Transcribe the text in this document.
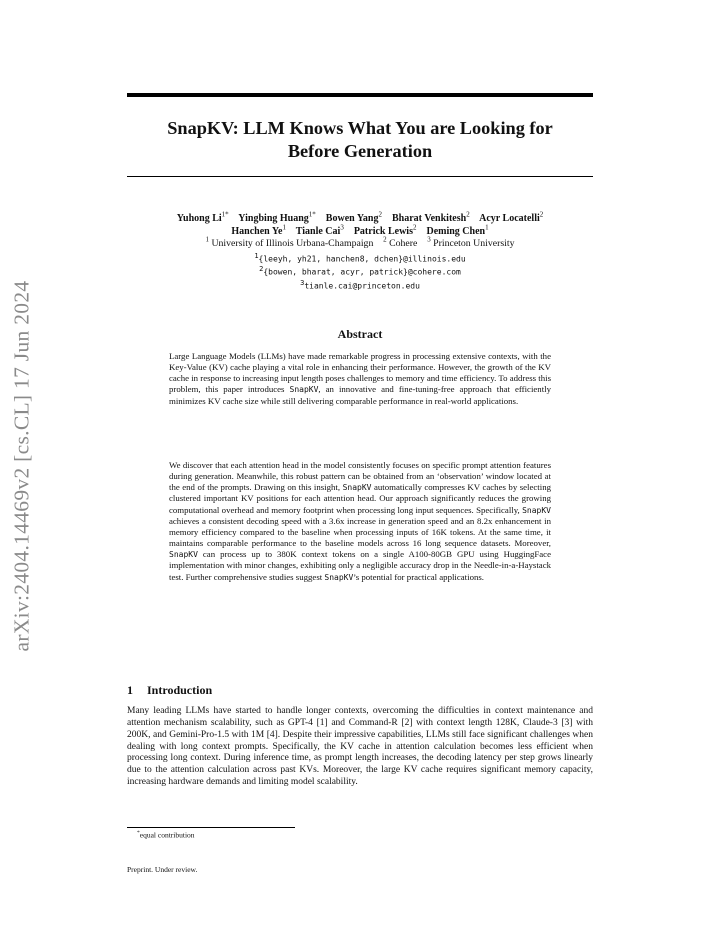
arXiv:2404.14469v2 [cs.CL] 17 Jun 2024
SnapKV: LLM Knows What You are Looking for
Before Generation
Yuhong $Li^{1*}$ Yingbing Huang$^{1*}$ Bowen Yang$^2$ Bharat Venkitesh$^2$ Acyr Locatelli$^2$
Hanchen Ye$^1$ Tianle Cai$^3$ Patrick Lewis$^2$ Deming Chen$^1$
$^1$ University of Illinois Urbana-Champaign $^2$ Cohere $^3$ Princeton University
$^1${leeyh, yh21, hanchen8, dchen}@illinois.edu
$^2${bowen, bharat, acyr, patrick}@cohere.com
$^3$tianle.cai@princeton.edu
Abstract
Large Language Models (LLMs) have made remarkable progress in processing extensive contexts, with the Key-Value (KV) cache playing a vital role in enhancing their performance. However, the growth of the KV cache in response to increasing input length poses challenges to memory and time efficiency. To address this problem, this paper introduces SnapKV, an innovative and fine-tuning-free approach that efficiently minimizes KV cache size while still delivering comparable performance in real-world applications.
We discover that each attention head in the model consistently focuses on specific prompt attention features during generation. Meanwhile, this robust pattern can be obtained from an ‘observation’ window located at the end of the prompts. Drawing on this insight, SnapKV automatically compresses KV caches by selecting clustered important KV positions for each attention head. Our approach significantly reduces the growing computational overhead and memory footprint when processing long input sequences. Specifically, SnapKV achieves a consistent decoding speed with a 3.6x increase in generation speed and an 8.2x enhancement in memory efficiency compared to the baseline when processing inputs of 16K tokens. At the same time, it maintains comparable performance to the baseline models across 16 long sequence datasets. Moreover, SnapKV can process up to 380K context tokens on a single A100-80GB GPU using HuggingFace implementation with minor changes, exhibiting only a negligible accuracy drop in the Needle-in-a-Haystack test. Further comprehensive studies suggest SnapKV’s potential for practical applications.
1 Introduction
Many leading LLMs have started to handle longer contexts, overcoming the difficulties in context maintenance and attention mechanism scalability, such as GPT-4 [1] and Command-R [2] with context length 128K, Claude-3 [3] with 200K, and Gemini-Pro-1.5 with 1M [4]. Despite their impressive capabilities, LLMs still face significant challenges when dealing with long context prompts. Specifically, the KV cache in attention calculation becomes less efficient when processing long context. During inference time, as prompt length increases, the decoding latency per step grows linearly due to the attention calculation across past KVs. Moreover, the large KV cache requires significant memory capacity, increasing hardware demands and limiting model scalability.
*equal contribution
Preprint. Under review.
